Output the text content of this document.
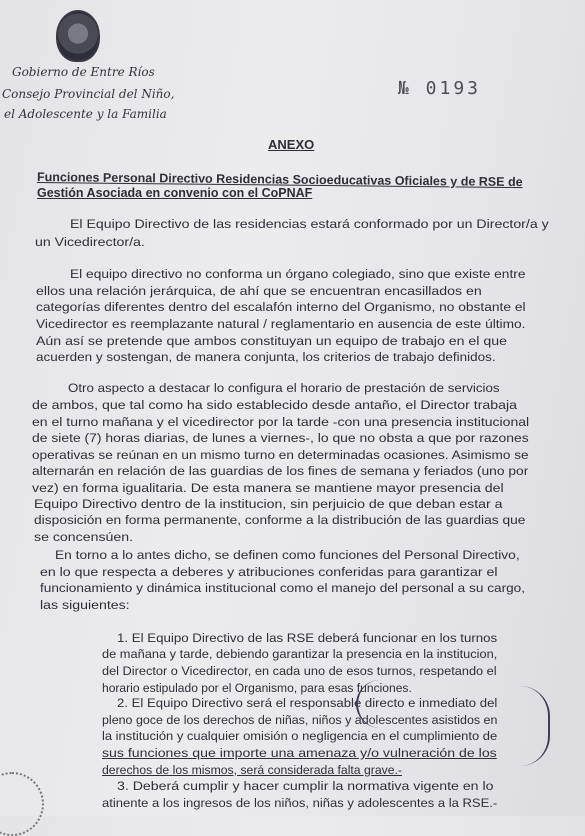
Gobierno de Entre Ríos
Consejo Provincial del Niño,
el Adolescente y la Familia
№ 0193
ANEXO
Funciones Personal Directivo Residencias Socioeducativas Oficiales y de RSE de
Gestión Asociada en convenio con el CoPNAF
El Equipo Directivo de las residencias estará conformado por un Director/a y
un Vicedirector/a.
El equipo directivo no conforma un órgano colegiado, sino que existe entre
ellos una relación jerárquica, de ahí que se encuentran encasillados en
categorías diferentes dentro del escalafón interno del Organismo, no obstante el
Vicedirector es reemplazante natural / reglamentario en ausencia de este último.
Aún así se pretende que ambos constituyan un equipo de trabajo en el que
acuerden y sostengan, de manera conjunta, los criterios de trabajo definidos.
Otro aspecto a destacar lo configura el horario de prestación de servicios
de ambos, que tal como ha sido establecido desde antaño, el Director trabaja
en el turno mañana y el vicedirector por la tarde -con una presencia institucional
de siete (7) horas diarias, de lunes a viernes-, lo que no obsta a que por razones
operativas se reúnan en un mismo turno en determinadas ocasiones. Asimismo se
alternarán en relación de las guardias de los fines de semana y feriados (uno por
vez) en forma igualitaria. De esta manera se mantiene mayor presencia del
Equipo Directivo dentro de la institucion, sin perjuicio de que deban estar a
disposición en forma permanente, conforme a la distribución de las guardias que
se concensúen.
En torno a lo antes dicho, se definen como funciones del Personal Directivo,
en lo que respecta a deberes y atribuciones conferidas para garantizar el
funcionamiento y dinámica institucional como el manejo del personal a su cargo,
las siguientes:
1. El Equipo Directivo de las RSE deberá funcionar en los turnos
de mañana y tarde, debiendo garantizar la presencia en la institucion,
del Director o Vicedirector, en cada uno de esos turnos, respetando el
horario estipulado por el Organismo, para esas funciones.
2. El Equipo Directivo será el responsable directo e inmediato del
pleno goce de los derechos de niñas, niños y adolescentes asistidos en
la institución y cualquier omisión o negligencia en el cumplimiento de
sus funciones que importe una amenaza y/o vulneración de los
derechos de los mismos, será considerada falta grave.-
3. Deberá cumplir y hacer cumplir la normativa vigente en lo
atinente a los ingresos de los niños, niñas y adolescentes a la RSE.-
